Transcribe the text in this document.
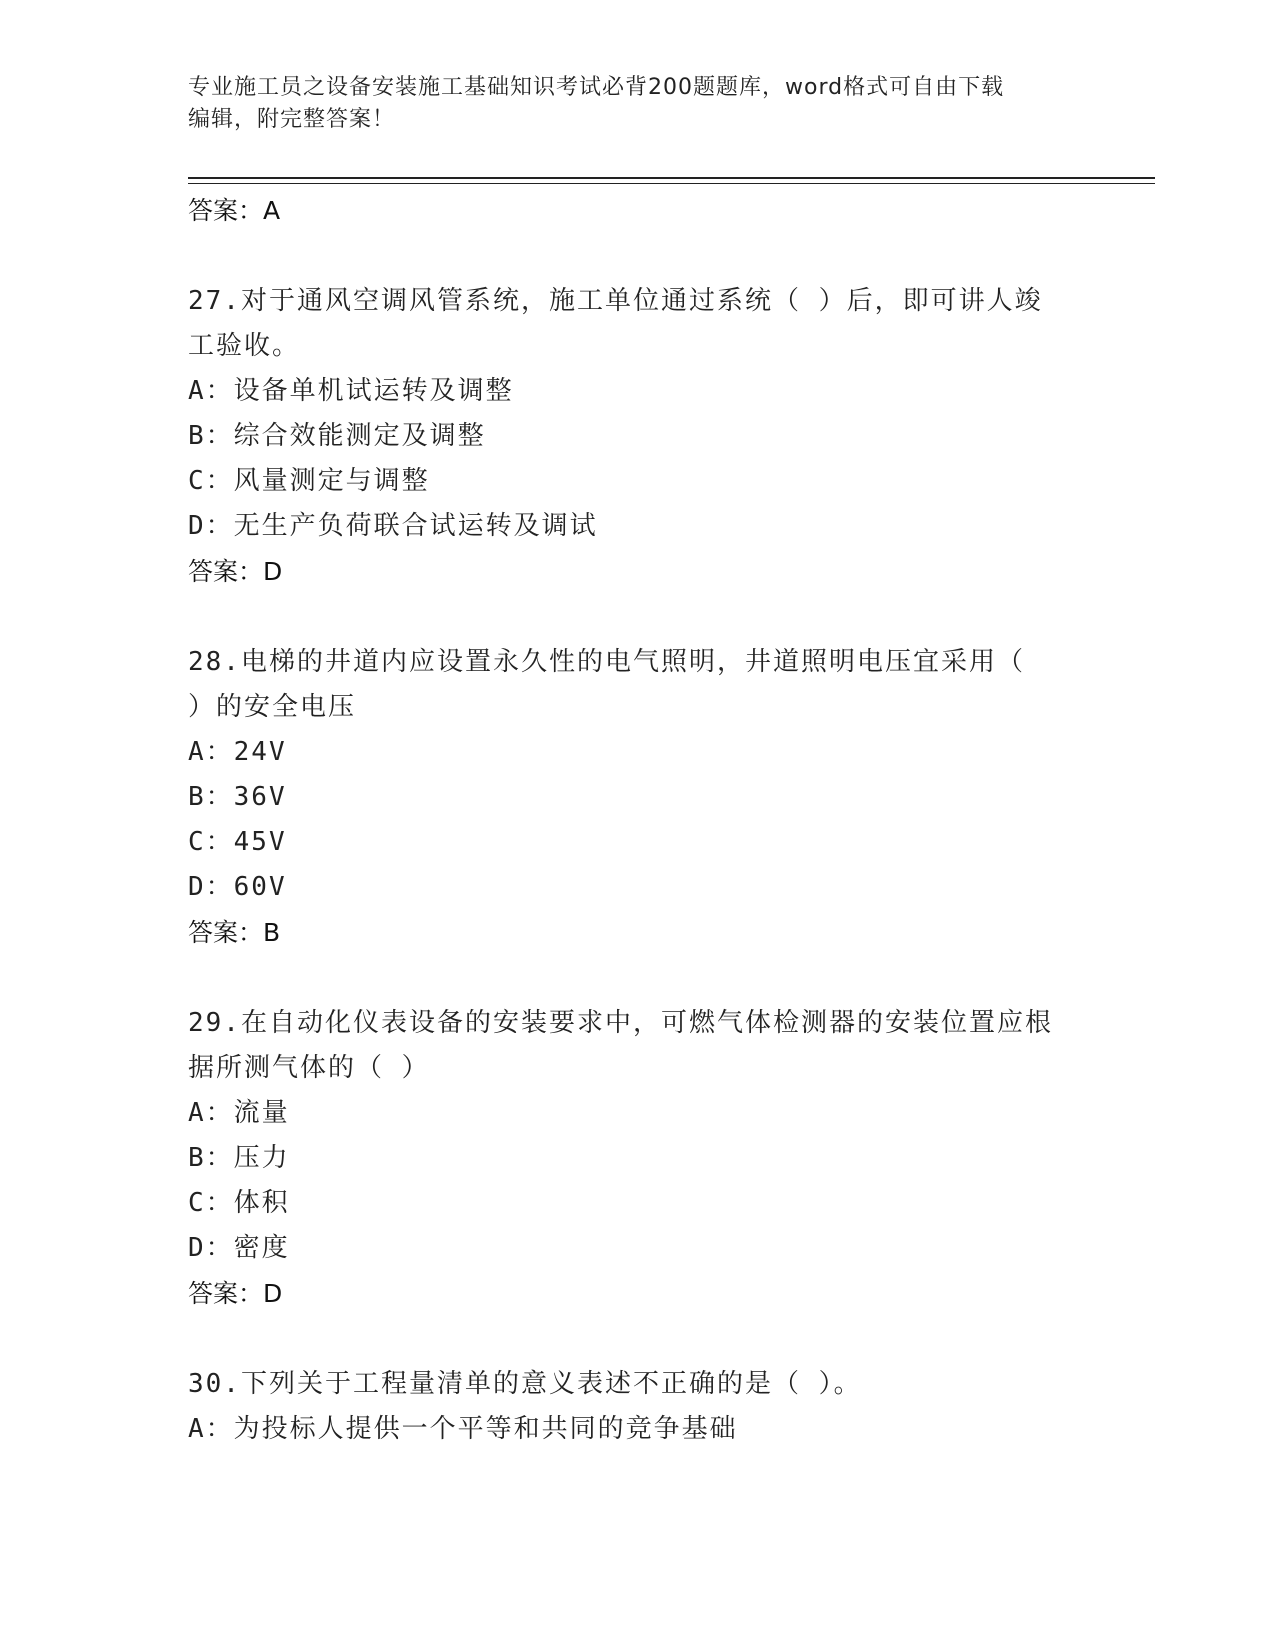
专业施工员之设备安装施工基础知识考试必背200题题库，word格式可自由下载
编辑，附完整答案！
答案：A
27.对于通风空调风管系统，施工单位通过系统（ ）后，即可讲人竣
工验收。
A：设备单机试运转及调整
B：综合效能测定及调整
C：风量测定与调整
D：无生产负荷联合试运转及调试
答案：D
28.电梯的井道内应设置永久性的电气照明，井道照明电压宜采用（
）的安全电压
A：24V
B：36V
C：45V
D：60V
答案：B
29.在自动化仪表设备的安装要求中，可燃气体检测器的安装位置应根
据所测气体的（ ）
A：流量
B：压力
C：体积
D：密度
答案：D
30.下列关于工程量清单的意义表述不正确的是（ ）。
A：为投标人提供一个平等和共同的竞争基础
